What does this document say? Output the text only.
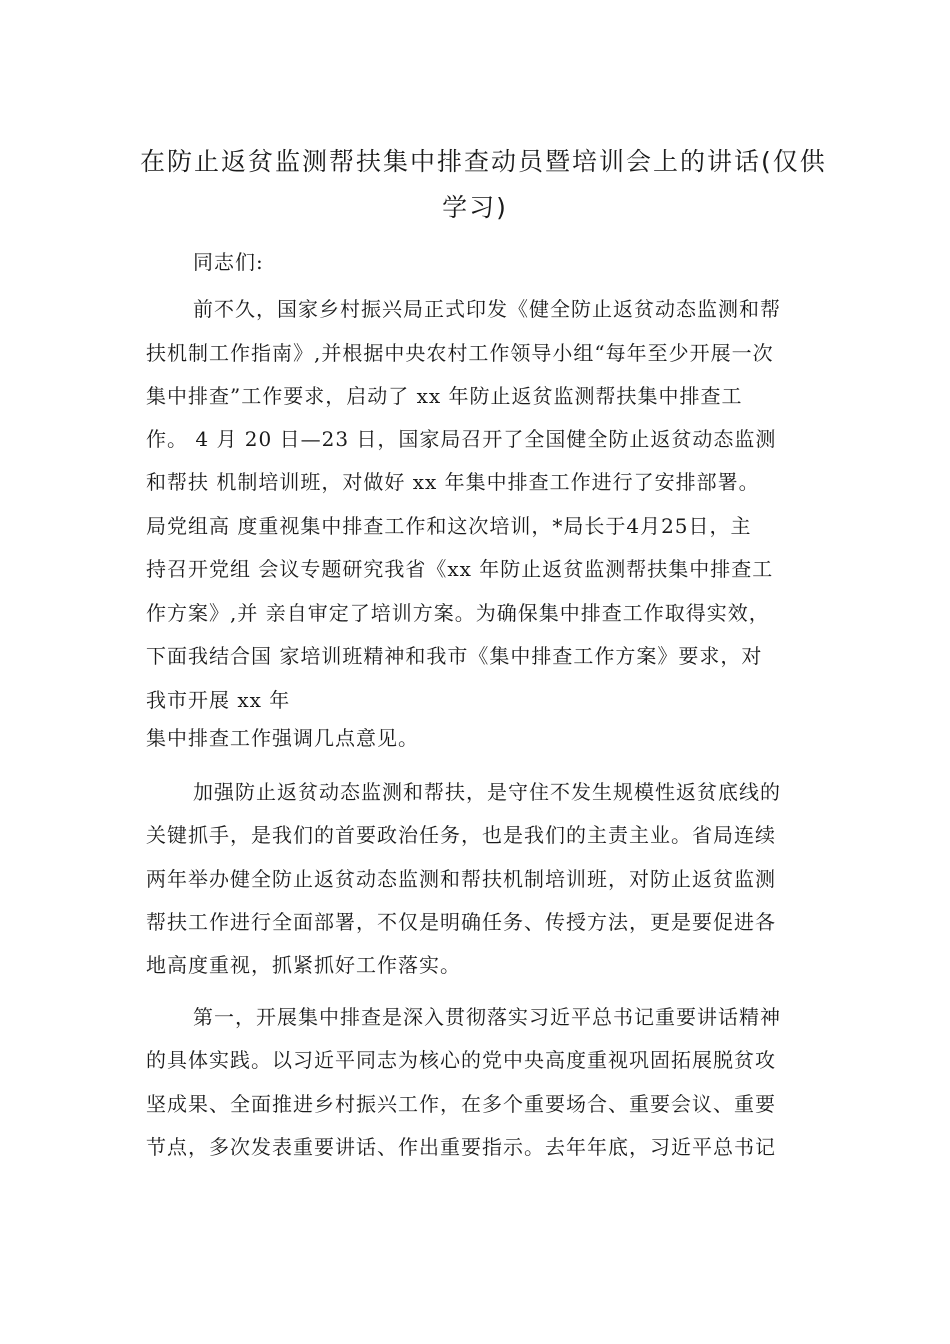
在防止返贫监测帮扶集中排查动员暨培训会上的讲话(仅供
学习)
同志们:
前不久，国家乡村振兴局正式印发《健全防止返贫动态监测和帮
扶机制工作指南》,并根据中央农村工作领导小组“每年至少开展一次
集中排查”工作要求，启动了 xx 年防止返贫监测帮扶集中排查工
作。 4 月 20 日—23 日，国家局召开了全国健全防止返贫动态监测
和帮扶 机制培训班，对做好 xx 年集中排查工作进行了安排部署。
局党组高 度重视集中排查工作和这次培训，*局长于4月25日，主
持召开党组 会议专题研究我省《xx 年防止返贫监测帮扶集中排查工
作方案》,并 亲自审定了培训方案。为确保集中排查工作取得实效，
下面我结合国 家培训班精神和我市《集中排查工作方案》要求，对
我市开展 xx 年
集中排查工作强调几点意见。
加强防止返贫动态监测和帮扶，是守住不发生规模性返贫底线的
关键抓手，是我们的首要政治任务，也是我们的主责主业。省局连续
两年举办健全防止返贫动态监测和帮扶机制培训班，对防止返贫监测
帮扶工作进行全面部署，不仅是明确任务、传授方法，更是要促进各
地高度重视，抓紧抓好工作落实。
第一，开展集中排查是深入贯彻落实习近平总书记重要讲话精神
的具体实践。以习近平同志为核心的党中央高度重视巩固拓展脱贫攻
坚成果、全面推进乡村振兴工作，在多个重要场合、重要会议、重要
节点，多次发表重要讲话、作出重要指示。去年年底，习近平总书记
